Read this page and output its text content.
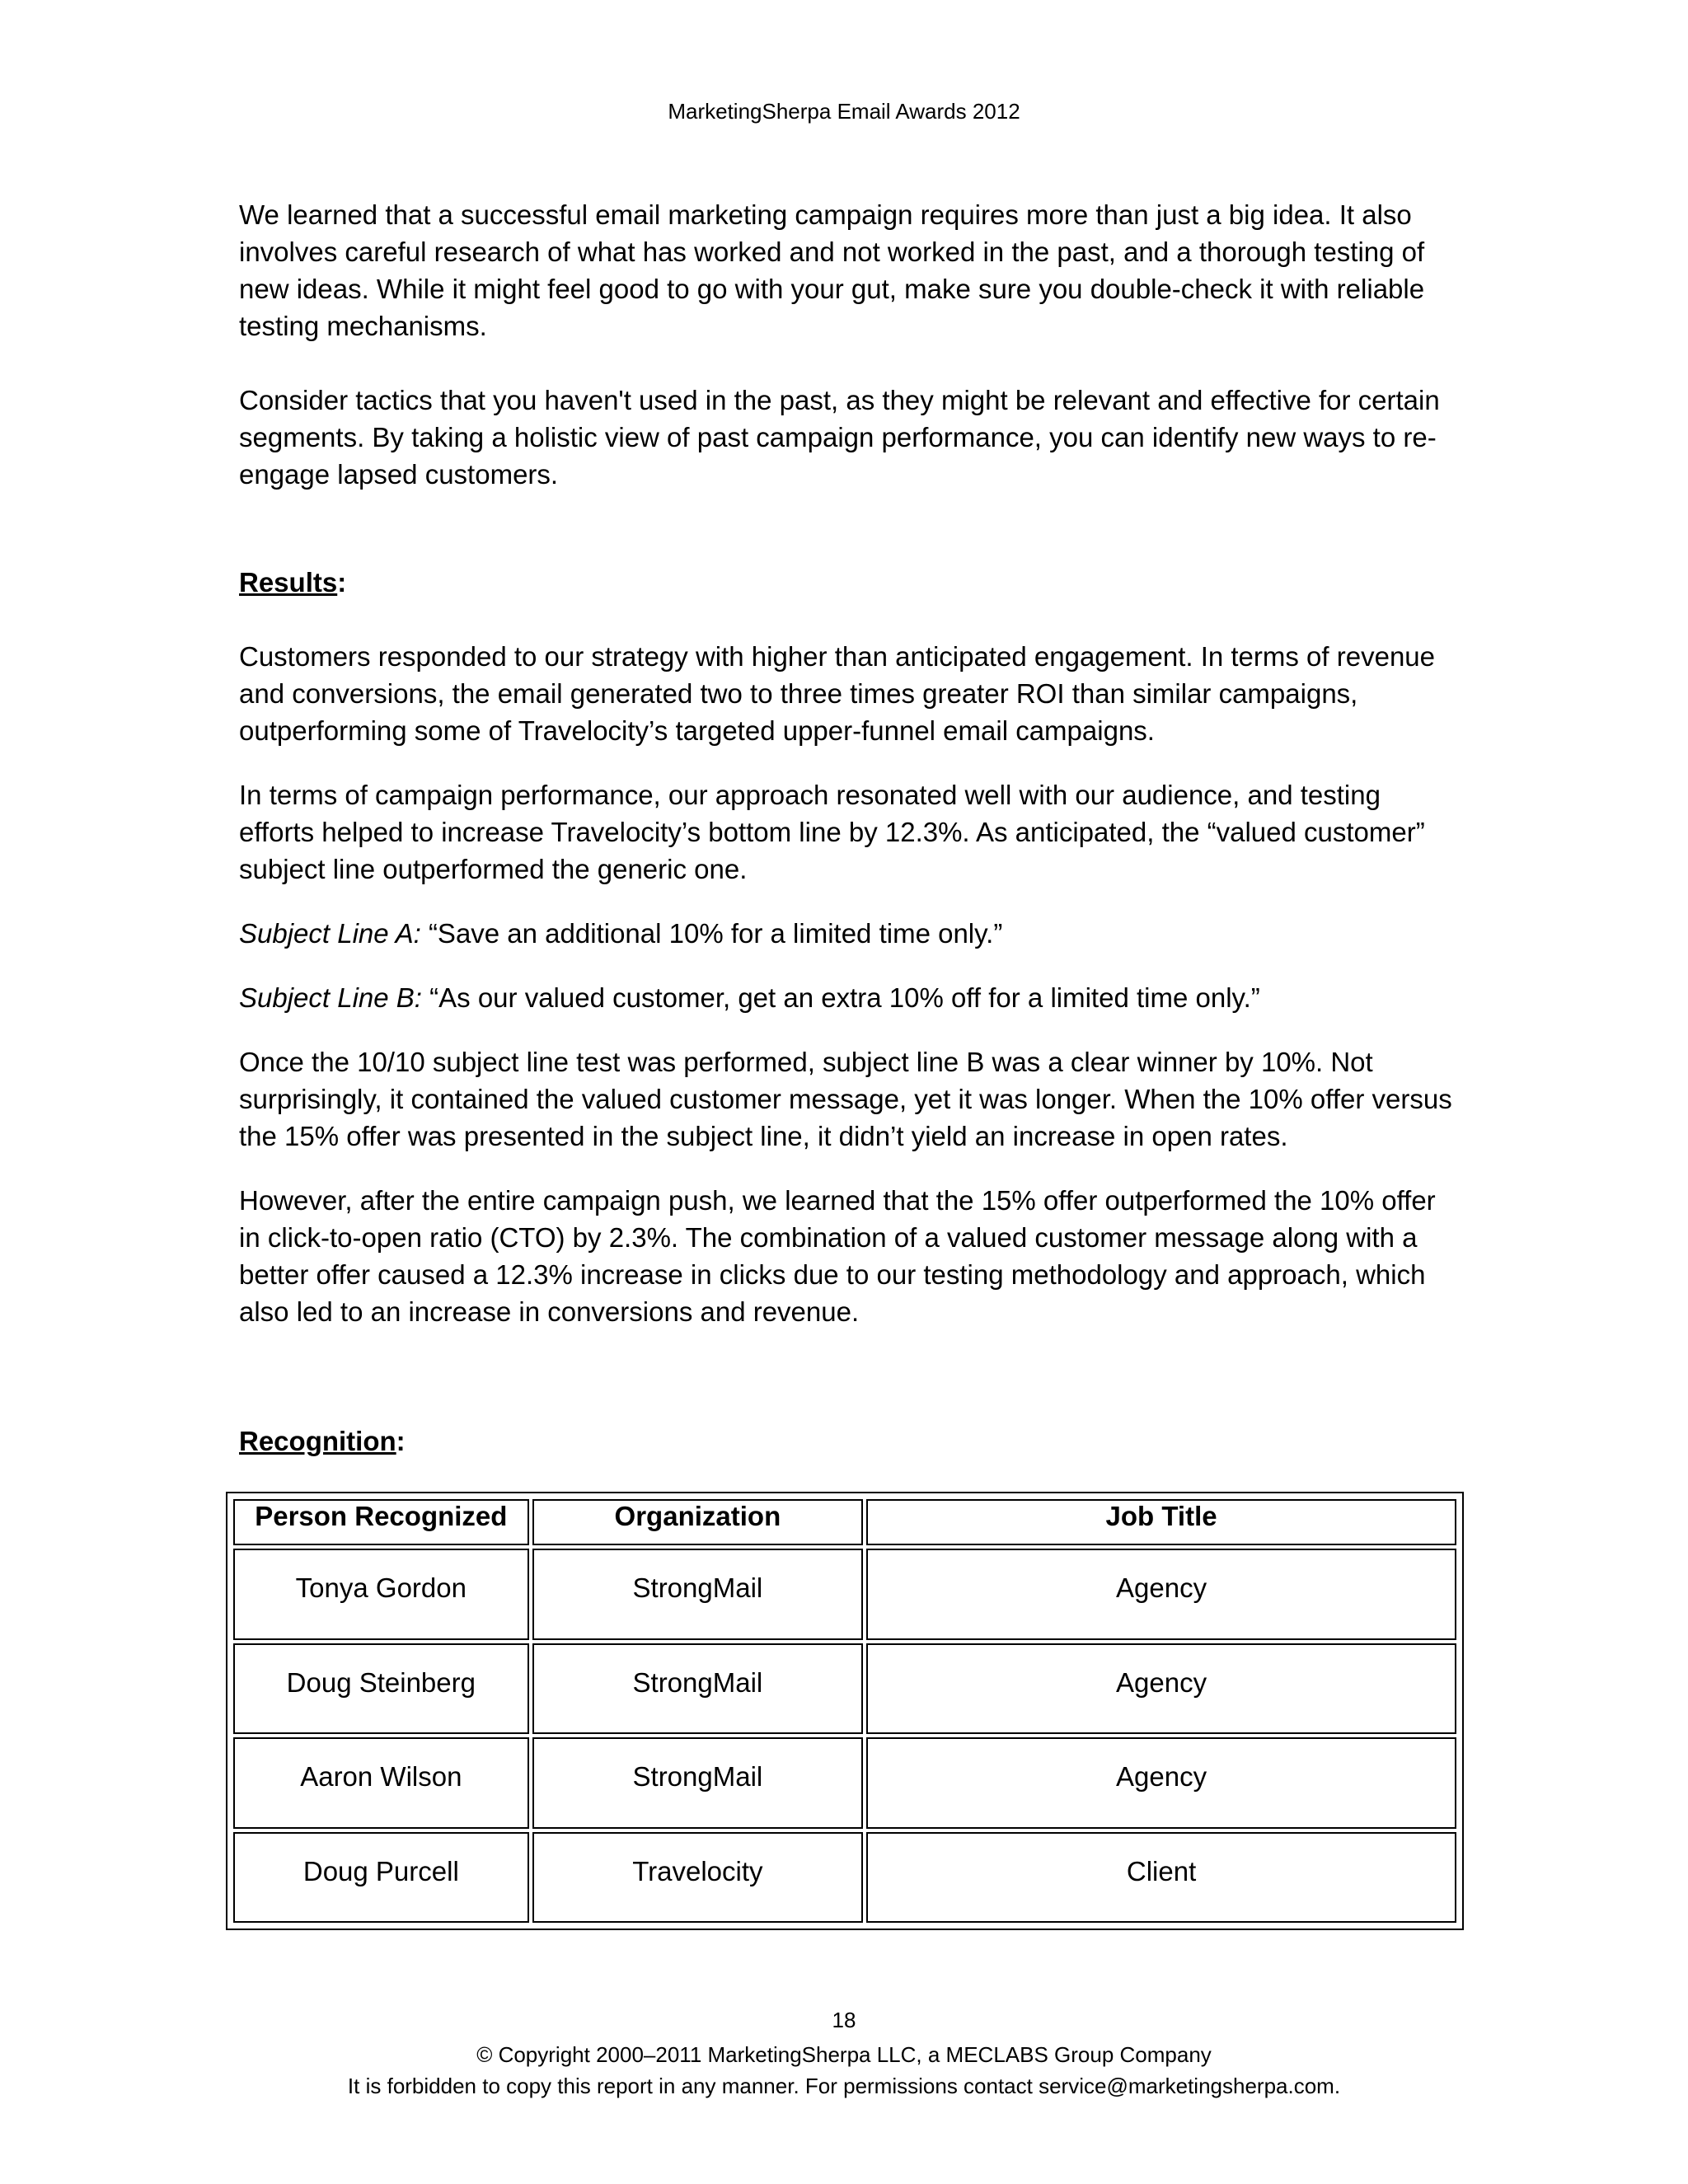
MarketingSherpa Email Awards 2012

We learned that a successful email marketing campaign requires more than just a big idea. It also involves careful research of what has worked and not worked in the past, and a thorough testing of new ideas. While it might feel good to go with your gut, make sure you double-check it with reliable testing mechanisms.

Consider tactics that you haven't used in the past, as they might be relevant and effective for certain segments. By taking a holistic view of past campaign performance, you can identify new ways to re-engage lapsed customers.

Results:

Customers responded to our strategy with higher than anticipated engagement. In terms of revenue and conversions, the email generated two to three times greater ROI than similar campaigns, outperforming some of Travelocity’s targeted upper-funnel email campaigns.

In terms of campaign performance, our approach resonated well with our audience, and testing efforts helped to increase Travelocity’s bottom line by 12.3%. As anticipated, the “valued customer” subject line outperformed the generic one.

Subject Line A: “Save an additional 10% for a limited time only.”

Subject Line B: “As our valued customer, get an extra 10% off for a limited time only.”

Once the 10/10 subject line test was performed, subject line B was a clear winner by 10%. Not surprisingly, it contained the valued customer message, yet it was longer. When the 10% offer versus the 15% offer was presented in the subject line, it didn’t yield an increase in open rates.

However, after the entire campaign push, we learned that the 15% offer outperformed the 10% offer in click-to-open ratio (CTO) by 2.3%. The combination of a valued customer message along with a better offer caused a 12.3% increase in clicks due to our testing methodology and approach, which also led to an increase in conversions and revenue.

Recognition:

Person Recognized	Organization	Job Title
Tonya Gordon	StrongMail	Agency
Doug Steinberg	StrongMail	Agency
Aaron Wilson	StrongMail	Agency
Doug Purcell	Travelocity	Client
18
© Copyright 2000–2011 MarketingSherpa LLC, a MECLABS Group Company
It is forbidden to copy this report in any manner. For permissions contact service@marketingsherpa.com.
